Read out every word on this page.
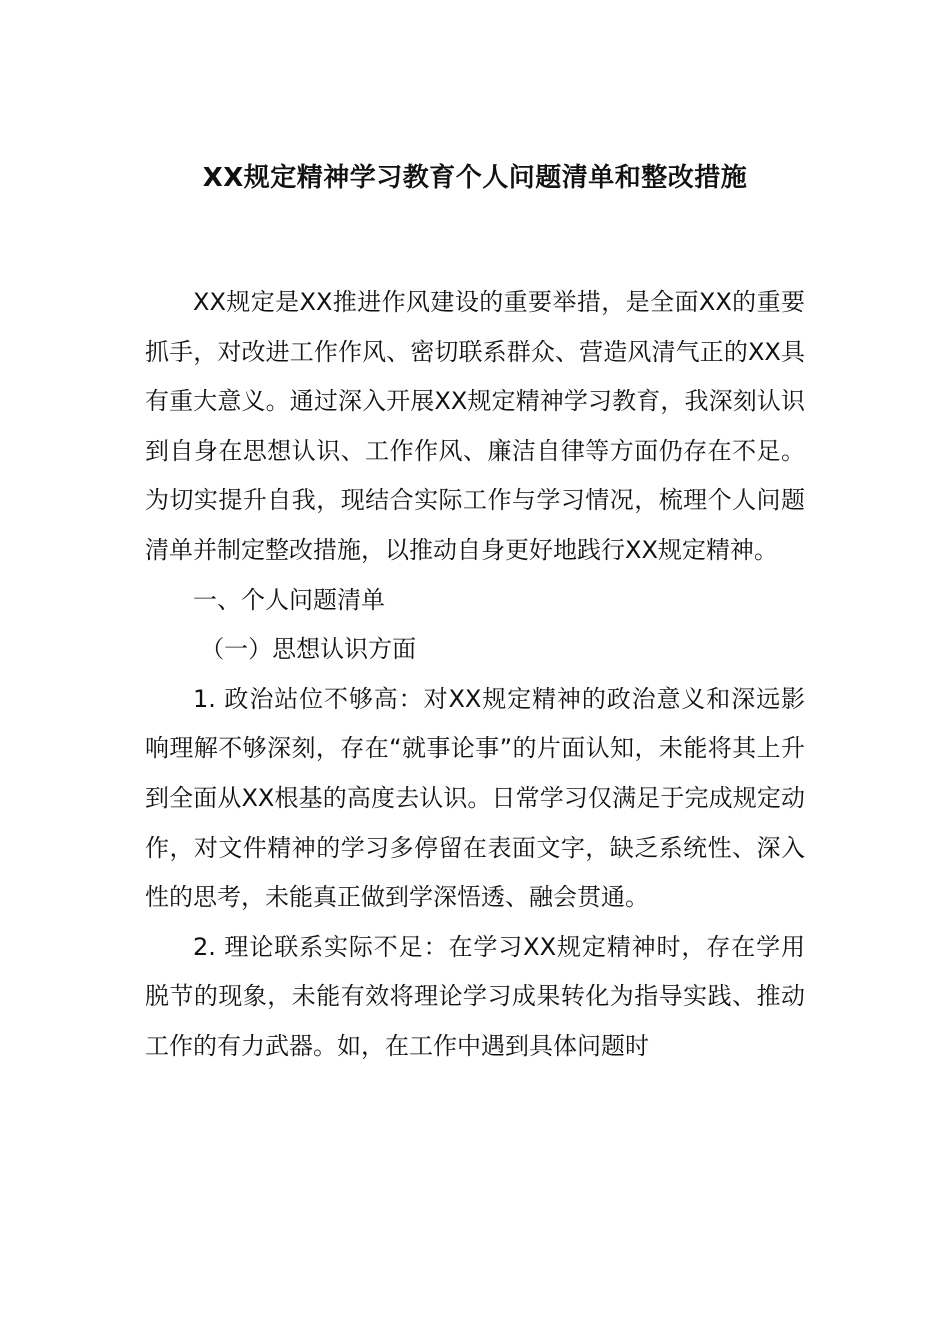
XX规定精神学习教育个人问题清单和整改措施

XX规定是XX推进作风建设的重要举措，是全面XX的重要抓手，对改进工作作风、密切联系群众、营造风清气正的XX具有重大意义。通过深入开展XX规定精神学习教育，我深刻认识到自身在思想认识、工作作风、廉洁自律等方面仍存在不足。为切实提升自我，现结合实际工作与学习情况，梳理个人问题清单并制定整改措施，以推动自身更好地践行XX规定精神。

一、个人问题清单

（一）思想认识方面

1. 政治站位不够高：对XX规定精神的政治意义和深远影响理解不够深刻，存在“就事论事”的片面认知，未能将其上升到全面从XX根基的高度去认识。日常学习仅满足于完成规定动作，对文件精神的学习多停留在表面文字，缺乏系统性、深入性的思考，未能真正做到学深悟透、融会贯通。

2. 理论联系实际不足：在学习XX规定精神时，存在学用脱节的现象，未能有效将理论学习成果转化为指导实践、推动工作的有力武器。如，在工作中遇到具体问题时
